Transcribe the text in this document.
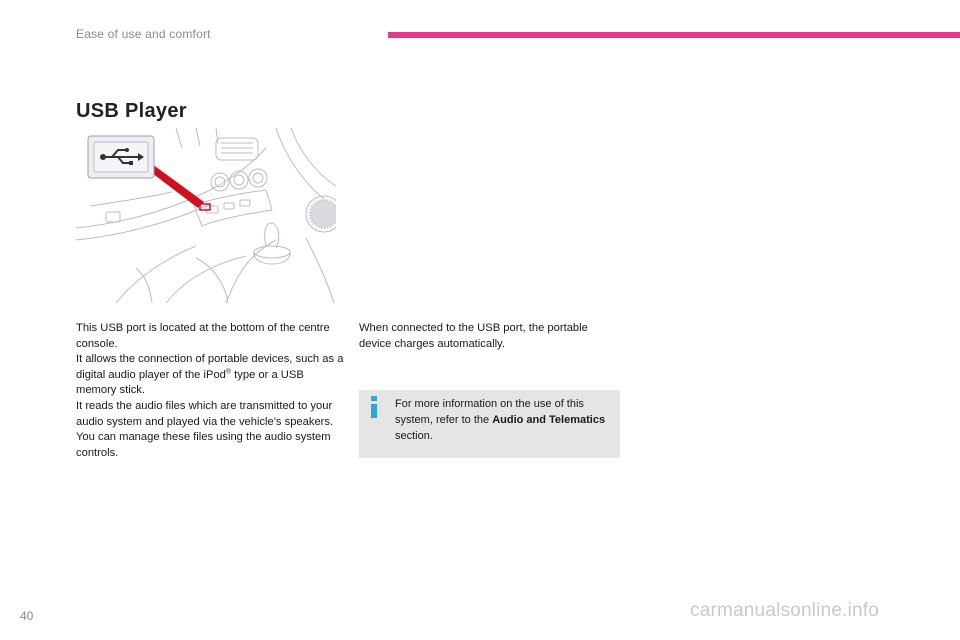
Ease of use and comfort
USB Player

This USB port is located at the bottom of the centre console.

It allows the connection of portable devices, such as a digital audio player of the iPod® type or a USB memory stick.

It reads the audio files which are transmitted to your audio system and played via the vehicle's speakers.

You can manage these files using the audio system controls.

When connected to the USB port, the portable device charges automatically.

For more information on the use of this system, refer to the Audio and Telematics section.
40	carmanualsonline.info
